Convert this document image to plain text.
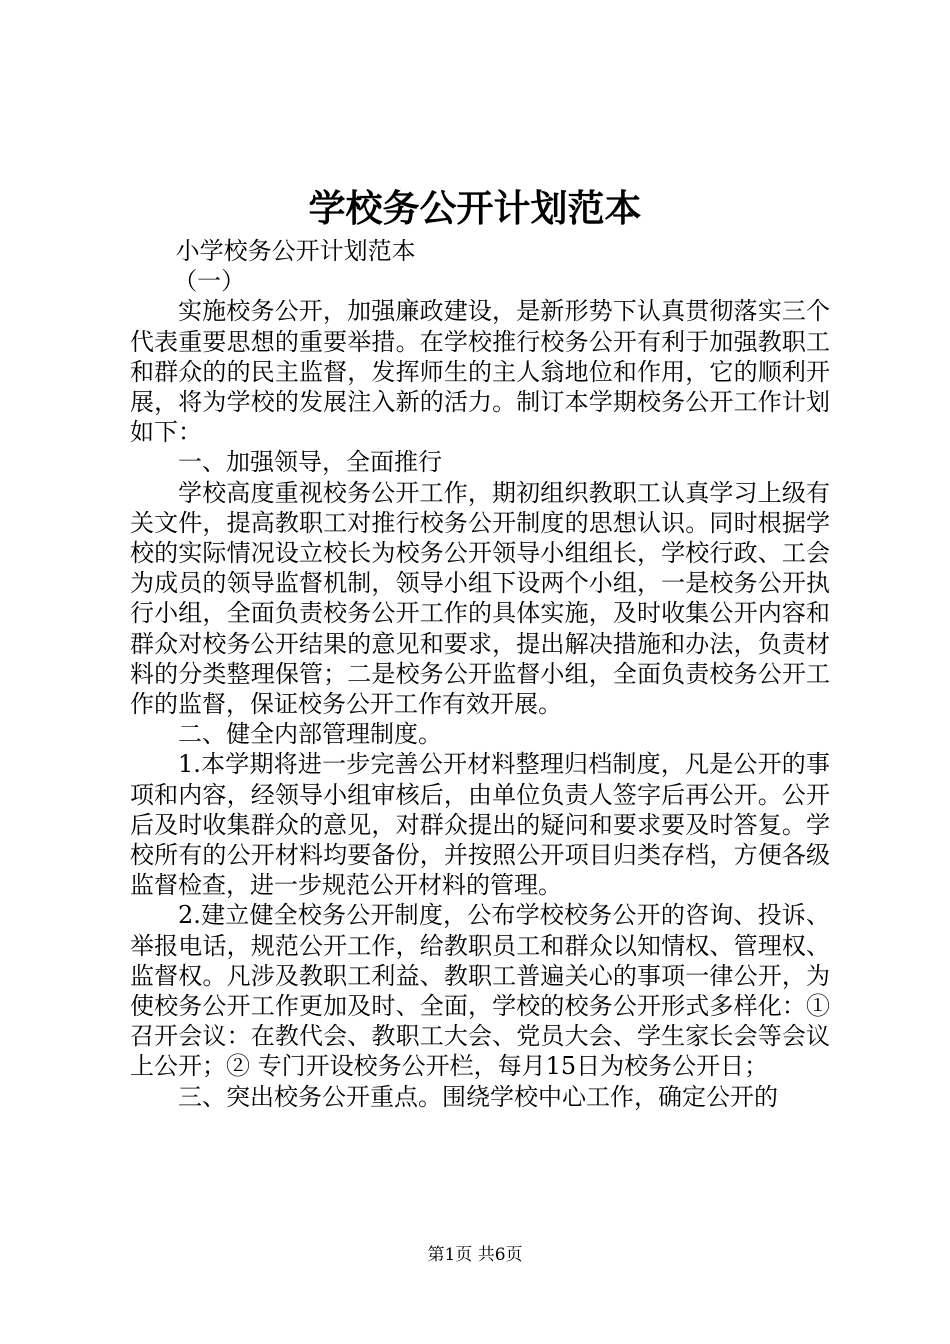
学校务公开计划范本

小学校务公开计划范本

（一）

实施校务公开，加强廉政建设，是新形势下认真贯彻落实三个代表重要思想的重要举措。在学校推行校务公开有利于加强教职工和群众的的民主监督，发挥师生的主人翁地位和作用，它的顺利开展，将为学校的发展注入新的活力。制订本学期校务公开工作计划如下：

一、加强领导，全面推行

学校高度重视校务公开工作，期初组织教职工认真学习上级有关文件，提高教职工对推行校务公开制度的思想认识。同时根据学校的实际情况设立校长为校务公开领导小组组长，学校行政、工会为成员的领导监督机制，领导小组下设两个小组，一是校务公开执行小组，全面负责校务公开工作的具体实施，及时收集公开内容和群众对校务公开结果的意见和要求，提出解决措施和办法，负责材料的分类整理保管；二是校务公开监督小组，全面负责校务公开工作的监督，保证校务公开工作有效开展。

二、健全内部管理制度。

1.本学期将进一步完善公开材料整理归档制度，凡是公开的事项和内容，经领导小组审核后，由单位负责人签字后再公开。公开后及时收集群众的意见，对群众提出的疑问和要求要及时答复。学校所有的公开材料均要备份，并按照公开项目归类存档，方便各级监督检查，进一步规范公开材料的管理。

2.建立健全校务公开制度，公布学校校务公开的咨询、投诉、举报电话，规范公开工作，给教职员工和群众以知情权、管理权、监督权。凡涉及教职工利益、教职工普遍关心的事项一律公开，为使校务公开工作更加及时、全面，学校的校务公开形式多样化：①召开会议：在教代会、教职工大会、党员大会、学生家长会等会议上公开；② 专门开设校务公开栏，每月15日为校务公开日；

三、突出校务公开重点。围绕学校中心工作，确定公开的

第1页 共6页
